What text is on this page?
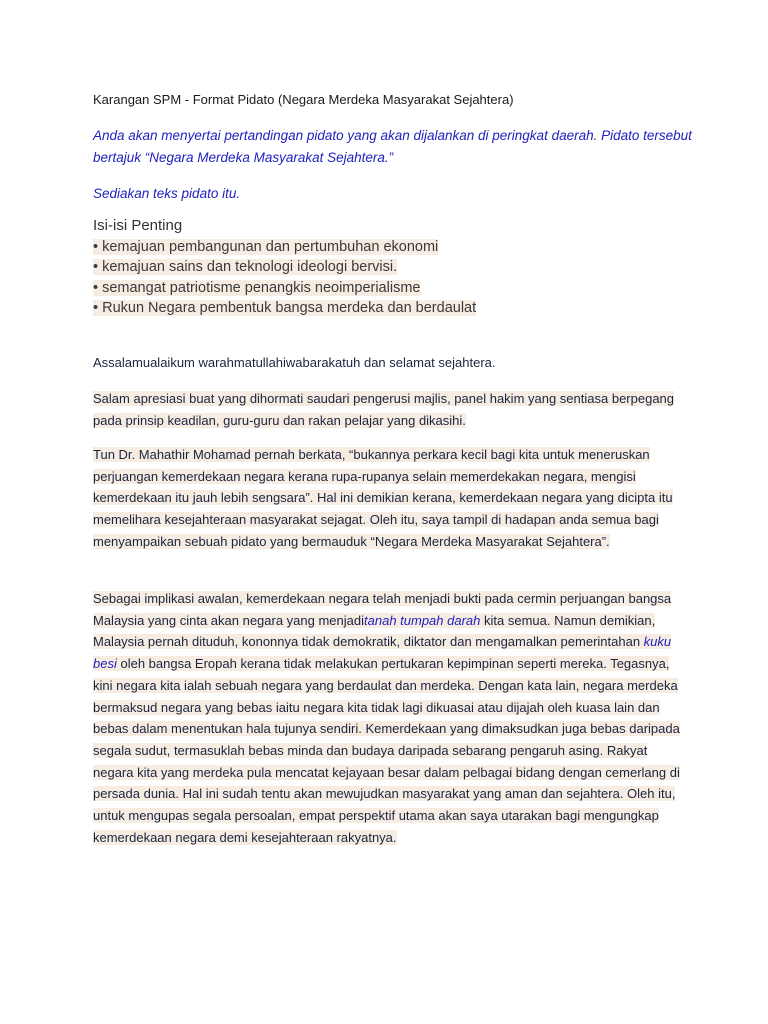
Karangan SPM - Format Pidato (Negara Merdeka Masyarakat Sejahtera)
Anda akan menyertai pertandingan pidato yang akan dijalankan di peringkat daerah. Pidato tersebut bertajuk “Negara Merdeka Masyarakat Sejahtera.”
Sediakan teks pidato itu.
Isi-isi Penting
• kemajuan pembangunan dan pertumbuhan ekonomi
• kemajuan sains dan teknologi ideologi bervisi.
• semangat patriotisme penangkis neoimperialisme
• Rukun Negara pembentuk bangsa merdeka dan berdaulat
Assalamualaikum warahmatullahiwabarakatuh dan selamat sejahtera.
Salam apresiasi buat yang dihormati saudari pengerusi majlis, panel hakim yang sentiasa berpegang pada prinsip keadilan, guru-guru dan rakan pelajar yang dikasihi.
Tun Dr. Mahathir Mohamad pernah berkata, “bukannya perkara kecil bagi kita untuk meneruskan perjuangan kemerdekaan negara kerana rupa-rupanya selain memerdekakan negara, mengisi kemerdekaan itu jauh lebih sengsara”. Hal ini demikian kerana, kemerdekaan negara yang dicipta itu memelihara kesejahteraan masyarakat sejagat. Oleh itu, saya tampil di hadapan anda semua bagi menyampaikan sebuah pidato yang bermauduk “Negara Merdeka Masyarakat Sejahtera”.
Sebagai implikasi awalan, kemerdekaan negara telah menjadi bukti pada cermin perjuangan bangsa Malaysia yang cinta akan negara yang menjaditanah tumpah darah kita semua. Namun demikian, Malaysia pernah dituduh, kononnya tidak demokratik, diktator dan mengamalkan pemerintahan kuku besi oleh bangsa Eropah kerana tidak melakukan pertukaran kepimpinan seperti mereka. Tegasnya, kini negara kita ialah sebuah negara yang berdaulat dan merdeka. Dengan kata lain, negara merdeka bermaksud negara yang bebas iaitu negara kita tidak lagi dikuasai atau dijajah oleh kuasa lain dan bebas dalam menentukan hala tujunya sendiri. Kemerdekaan yang dimaksudkan juga bebas daripada segala sudut, termasuklah bebas minda dan budaya daripada sebarang pengaruh asing. Rakyat negara kita yang merdeka pula mencatat kejayaan besar dalam pelbagai bidang dengan cemerlang di persada dunia. Hal ini sudah tentu akan mewujudkan masyarakat yang aman dan sejahtera. Oleh itu, untuk mengupas segala persoalan, empat perspektif utama akan saya utarakan bagi mengungkap kemerdekaan negara demi kesejahteraan rakyatnya.
